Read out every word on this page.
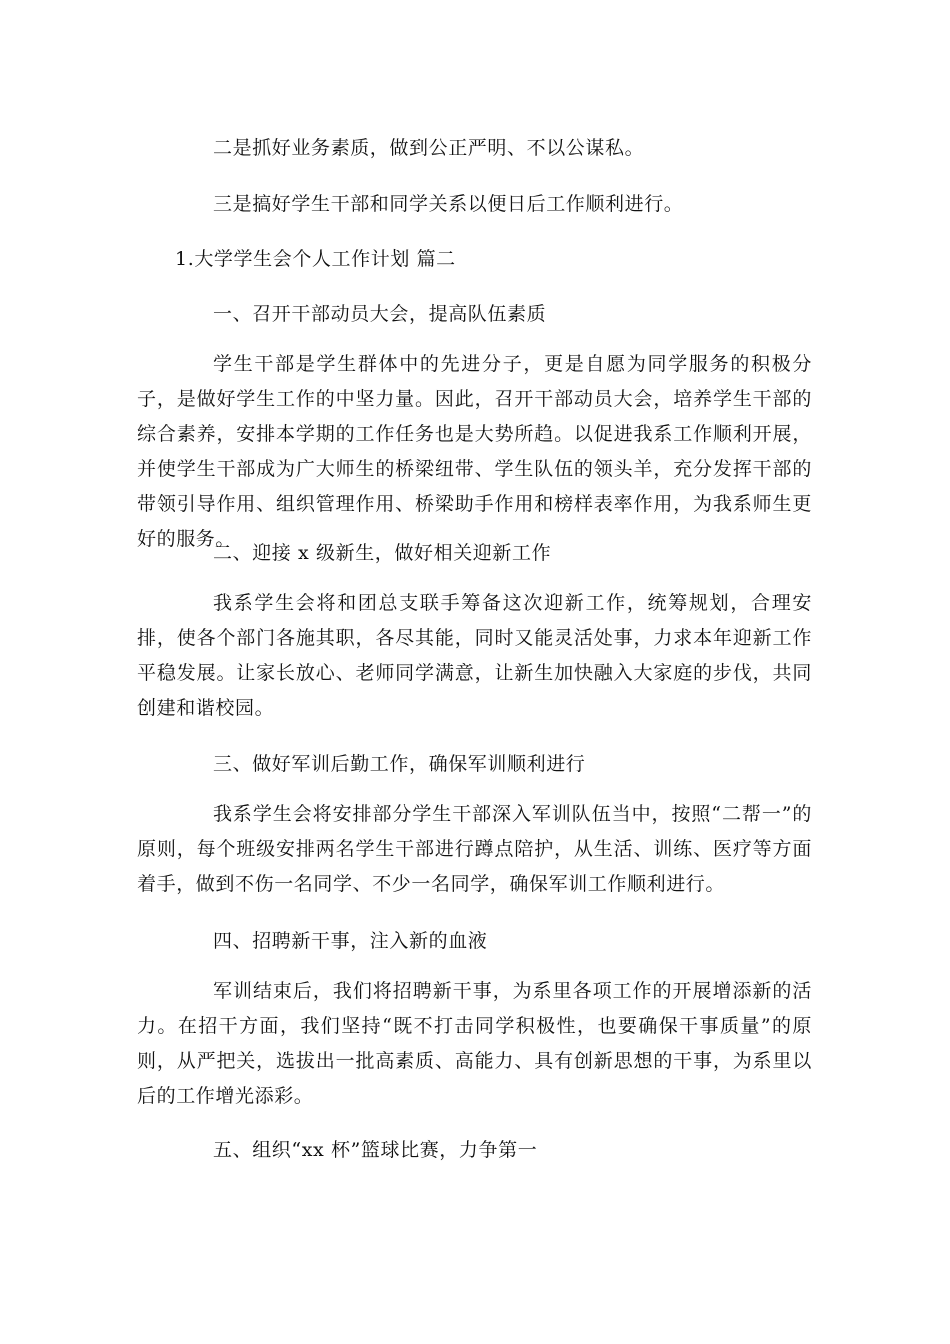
二是抓好业务素质，做到公正严明、不以公谋私。
三是搞好学生干部和同学关系以便日后工作顺利进行。
1.大学学生会个人工作计划 篇二
一、召开干部动员大会，提高队伍素质
学生干部是学生群体中的先进分子，更是自愿为同学服务的积极分子，是做好学生工作的中坚力量。因此，召开干部动员大会，培养学生干部的综合素养，安排本学期的工作任务也是大势所趋。以促进我系工作顺利开展，并使学生干部成为广大师生的桥梁纽带、学生队伍的领头羊，充分发挥干部的带领引导作用、组织管理作用、桥梁助手作用和榜样表率作用，为我系师生更好的服务。
二、迎接 x 级新生，做好相关迎新工作
我系学生会将和团总支联手筹备这次迎新工作，统筹规划，合理安排，使各个部门各施其职，各尽其能，同时又能灵活处事，力求本年迎新工作平稳发展。让家长放心、老师同学满意，让新生加快融入大家庭的步伐，共同创建和谐校园。
三、做好军训后勤工作，确保军训顺利进行
我系学生会将安排部分学生干部深入军训队伍当中，按照“二帮一”的原则，每个班级安排两名学生干部进行蹲点陪护，从生活、训练、医疗等方面着手，做到不伤一名同学、不少一名同学，确保军训工作顺利进行。
四、招聘新干事，注入新的血液
军训结束后，我们将招聘新干事，为系里各项工作的开展增添新的活力。在招干方面，我们坚持“既不打击同学积极性，也要确保干事质量”的原则，从严把关，选拔出一批高素质、高能力、具有创新思想的干事，为系里以后的工作增光添彩。
五、组织“xx 杯”篮球比赛，力争第一
